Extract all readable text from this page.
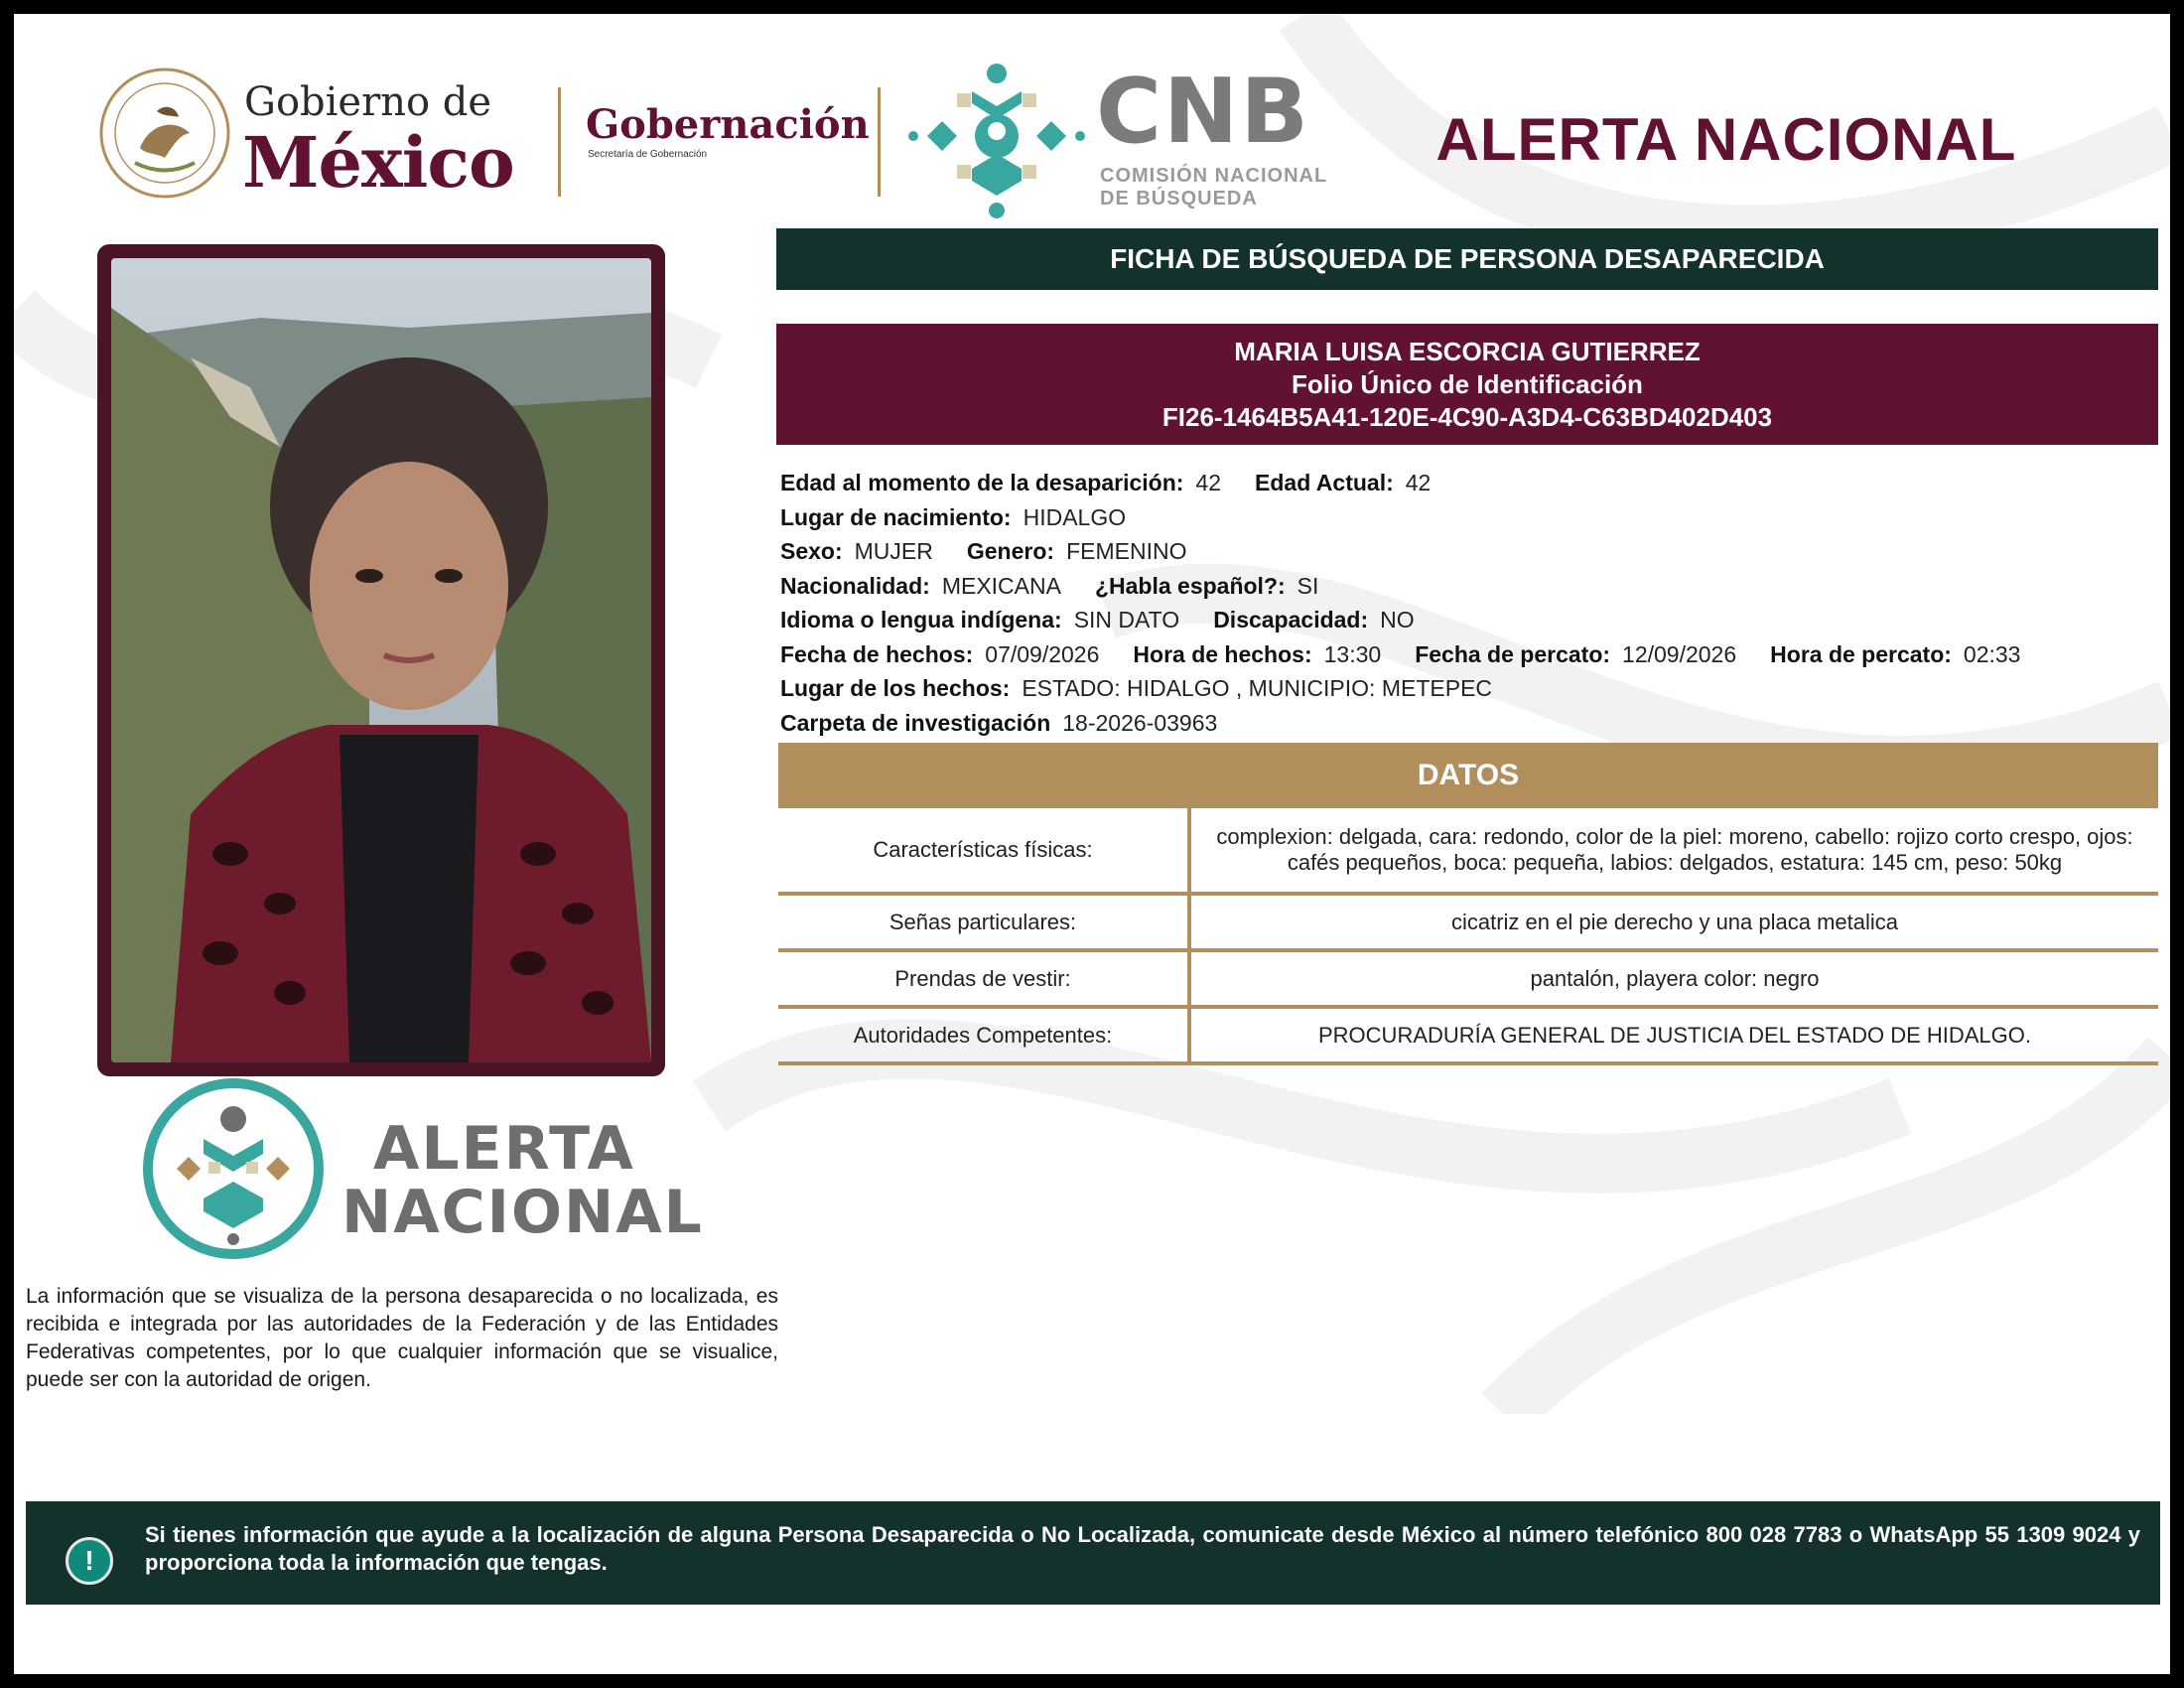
Gobierno de
México Gobernación
Secretaría de Gobernación	CNB
COMISIÓN NACIONAL
DE BÚSQUEDA
ALERTA NACIONAL
ALERTA
NACIONAL
La información que se visualiza de la persona desaparecida o no localizada, es recibida e integrada por las autoridades de la Federación y de las Entidades Federativas competentes, por lo que cualquier información que se visualice, puede ser con la autoridad de origen.
FICHA DE BÚSQUEDA DE PERSONA DESAPARECIDA
MARIA LUISA ESCORCIA GUTIERREZ
Folio Único de Identificación
FI26-1464B5A41-120E-4C90-A3D4-C63BD402D403
Edad al momento de la desaparición: 42 Edad Actual: 42
Lugar de nacimiento: HIDALGO
Sexo: MUJER Genero: FEMENINO
Nacionalidad: MEXICANA ¿Habla español?: SI
Idioma o lengua indígena: SIN DATO Discapacidad: NO
Fecha de hechos: 07/09/2026 Hora de hechos: 13:30 Fecha de percato: 12/09/2026 Hora de percato: 02:33
Lugar de los hechos: ESTADO: HIDALGO , MUNICIPIO: METEPEC
Carpeta de investigación 18-2026-03963
DATOS
Características físicas:	complexion: delgada, cara: redondo, color de la piel: moreno, cabello: rojizo corto crespo, ojos: cafés pequeños, boca: pequeña, labios: delgados, estatura: 145 cm, peso: 50kg
Señas particulares:	cicatriz en el pie derecho y una placa metalica
Prendas de vestir:	pantalón, playera color: negro
Autoridades Competentes:	PROCURADURÍA GENERAL DE JUSTICIA DEL ESTADO DE HIDALGO.
!
Si tienes información que ayude a la localización de alguna Persona Desaparecida o No Localizada, comunicate desde México al número telefónico 800 028 7783 o WhatsApp 55 1309 9024 y proporciona toda la información que tengas.
